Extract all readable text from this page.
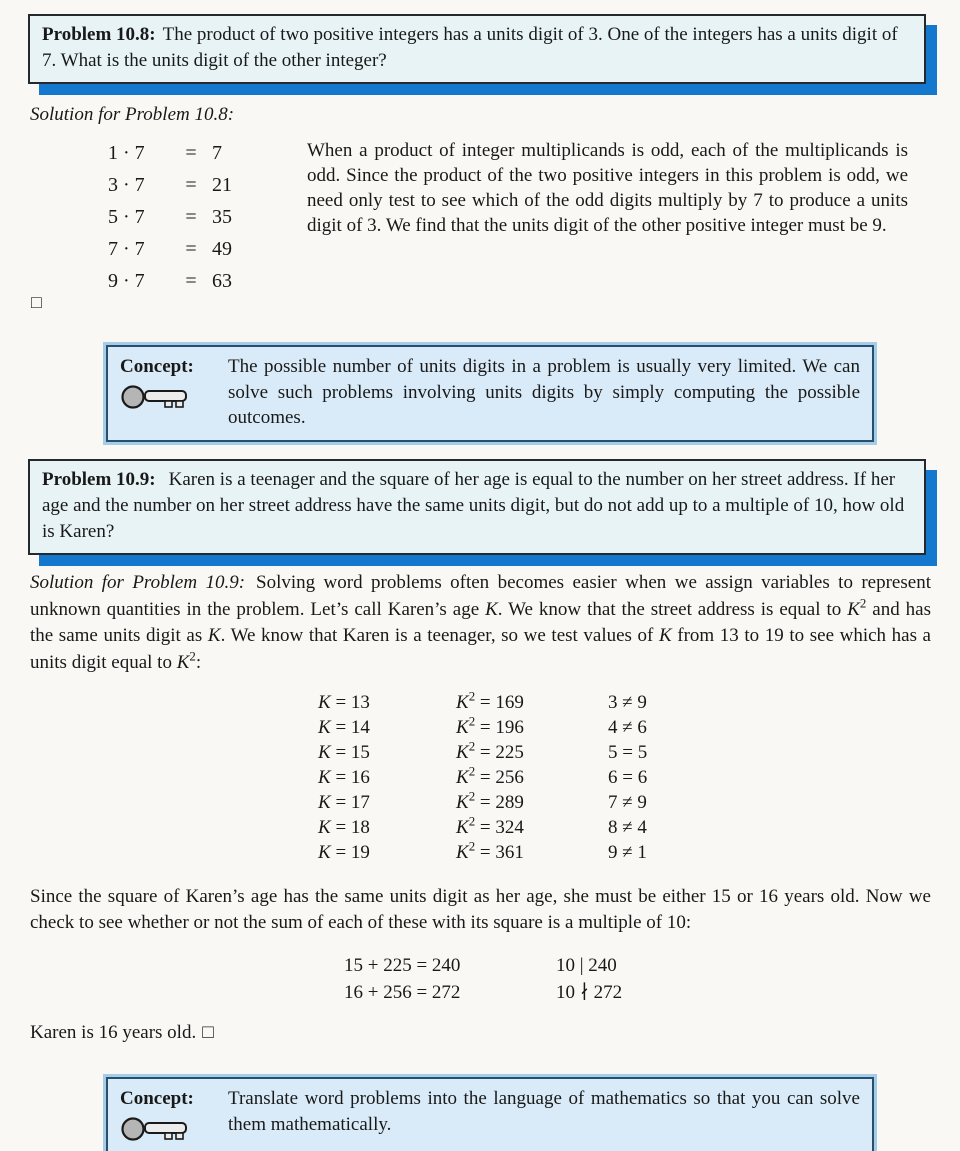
Problem 10.8: The product of two positive integers has a units digit of 3. One of the integers has a units digit of 7. What is the units digit of the other integer?

Solution for Problem 10.8:

1 · 7	= 7
3 · 7	= 21
5 · 7	= 35
7 · 7	= 49
9 · 7	= 63
When a product of integer multiplicands is odd, each of the multiplicands is odd. Since the product of the two positive integers in this problem is odd, we need only test to see which of the odd digits multiply by 7 to produce a units digit of 3. We find that the units digit of the other positive integer must be 9.
□
Concept:	The possible number of units digits in a problem is usually very limited. We can solve such problems involving units digits by simply computing the possible outcomes.
Problem 10.9: Karen is a teenager and the square of her age is equal to the number on her street address. If her age and the number on her street address have the same units digit, but do not add up to a multiple of 10, how old is Karen?

Solution for Problem 10.9: Solving word problems often becomes easier when we assign variables to represent unknown quantities in the problem. Let’s call Karen’s age K. We know that the street address is equal to $K^2$ and has the same units digit as K. We know that Karen is a teenager, so we test values of K from 13 to 19 to see which has a units digit equal to $K^2$:

K = 13	$K^2 = 169$	3 ≠ 9
K = 14	$K^2 = 196$	4 ≠ 6
K = 15	$K^2 = 225$	5 = 5
K = 16	$K^2 = 256$	6 = 6
K = 17	$K^2 = 289$	7 ≠ 9
K = 18	$K^2 = 324$	8 ≠ 4
K = 19	$K^2 = 361$	9 ≠ 1

Since the square of Karen’s age has the same units digit as her age, she must be either 15 or 16 years old. Now we check to see whether or not the sum of each of these with its square is a multiple of 10:

15 + 225 = 240	10 | 240
16 + 256 = 272	10 ∤ 272

Karen is 16 years old. □

Concept:	Translate word problems into the language of mathematics so that you can solve them mathematically.
